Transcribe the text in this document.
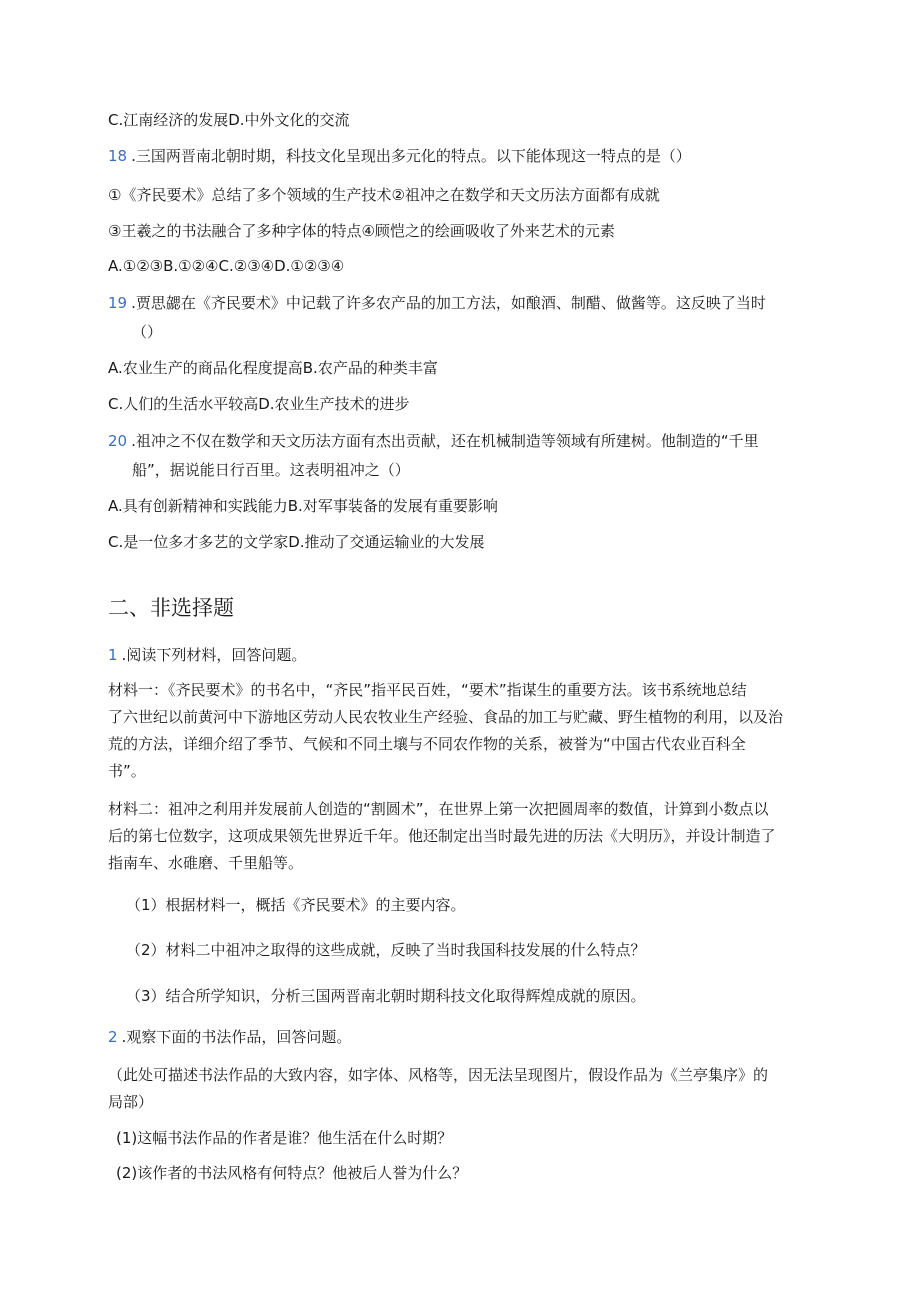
C.江南经济的发展D.中外文化的交流

18 .三国两晋南北朝时期，科技文化呈现出多元化的特点。以下能体现这一特点的是（）

①《齐民要术》总结了多个领域的生产技术②祖冲之在数学和天文历法方面都有成就

③王羲之的书法融合了多种字体的特点④顾恺之的绘画吸收了外来艺术的元素

A.①②③B.①②④C.②③④D.①②③④

19 .贾思勰在《齐民要术》中记载了许多农产品的加工方法，如酿酒、制醋、做酱等。这反映了当时

（）

A.农业生产的商品化程度提高B.农产品的种类丰富

C.人们的生活水平较高D.农业生产技术的进步

20 .祖冲之不仅在数学和天文历法方面有杰出贡献，还在机械制造等领域有所建树。他制造的“千里

船”，据说能日行百里。这表明祖冲之（）

A.具有创新精神和实践能力B.对军事装备的发展有重要影响

C.是一位多才多艺的文学家D.推动了交通运输业的大发展

二、非选择题

1 .阅读下列材料，回答问题。

材料一：《齐民要术》的书名中，“齐民”指平民百姓，“要术”指谋生的重要方法。该书系统地总结

了六世纪以前黄河中下游地区劳动人民农牧业生产经验、食品的加工与贮藏、野生植物的利用，以及治

荒的方法，详细介绍了季节、气候和不同土壤与不同农作物的关系，被誉为“中国古代农业百科全

书”。

材料二：祖冲之利用并发展前人创造的“割圆术”，在世界上第一次把圆周率的数值，计算到小数点以

后的第七位数字，这项成果领先世界近千年。他还制定出当时最先进的历法《大明历》，并设计制造了

指南车、水碓磨、千里船等。

（1）根据材料一，概括《齐民要术》的主要内容。

（2）材料二中祖冲之取得的这些成就，反映了当时我国科技发展的什么特点？

（3）结合所学知识，分析三国两晋南北朝时期科技文化取得辉煌成就的原因。

2 .观察下面的书法作品，回答问题。

（此处可描述书法作品的大致内容，如字体、风格等，因无法呈现图片，假设作品为《兰亭集序》的

局部）

(1)这幅书法作品的作者是谁？他生活在什么时期？

(2)该作者的书法风格有何特点？他被后人誉为什么？
